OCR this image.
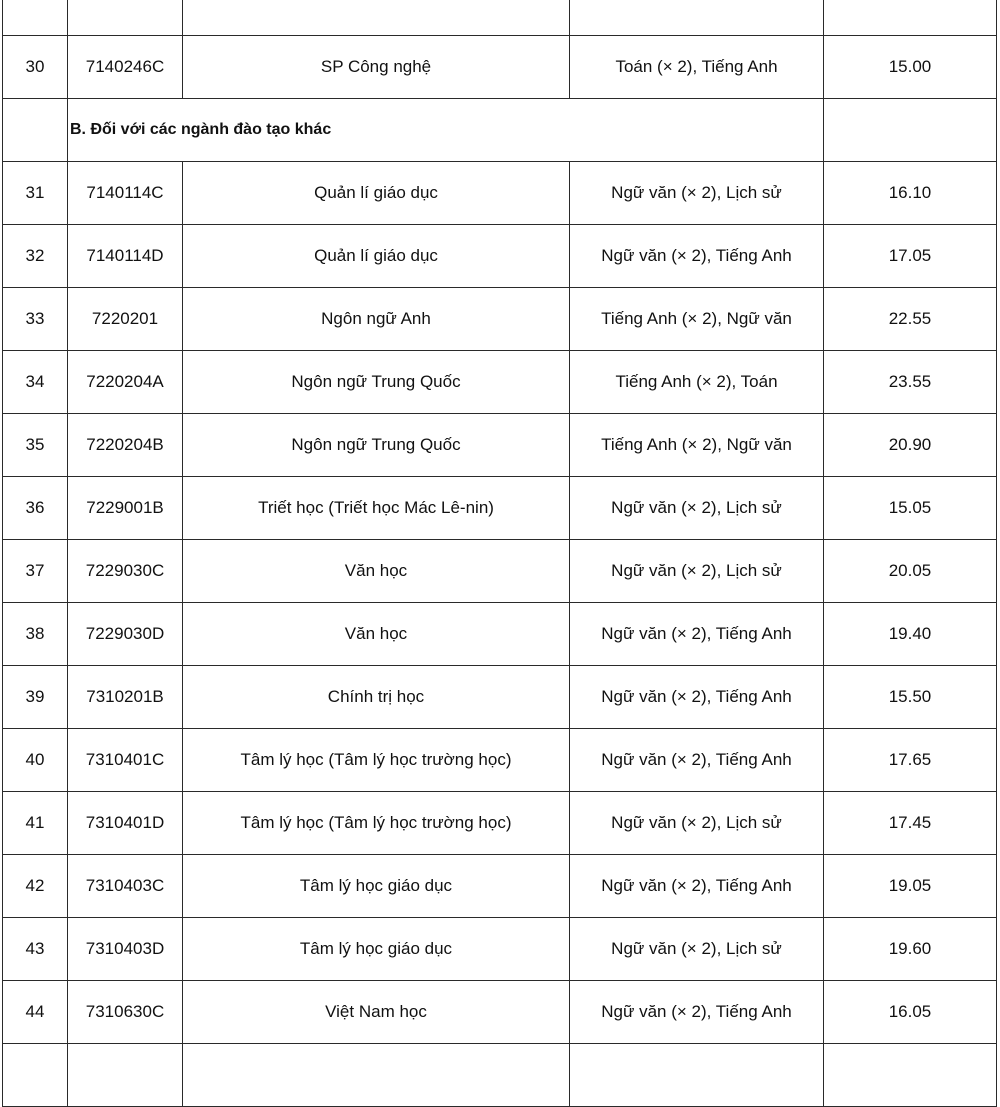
30	7140246C	SP Công nghệ	Toán (× 2), Tiếng Anh	15.00
	B. Đối với các ngành đào tạo khác			
31	7140114C	Quản lí giáo dục	Ngữ văn (× 2), Lịch sử	16.10
32	7140114D	Quản lí giáo dục	Ngữ văn (× 2), Tiếng Anh	17.05
33	7220201	Ngôn ngữ Anh	Tiếng Anh (× 2), Ngữ văn	22.55
34	7220204A	Ngôn ngữ Trung Quốc	Tiếng Anh (× 2), Toán	23.55
35	7220204B	Ngôn ngữ Trung Quốc	Tiếng Anh (× 2), Ngữ văn	20.90
36	7229001B	Triết học (Triết học Mác Lê-nin)	Ngữ văn (× 2), Lịch sử	15.05
37	7229030C	Văn học	Ngữ văn (× 2), Lịch sử	20.05
38	7229030D	Văn học	Ngữ văn (× 2), Tiếng Anh	19.40
39	7310201B	Chính trị học	Ngữ văn (× 2), Tiếng Anh	15.50
40	7310401C	Tâm lý học (Tâm lý học trường học)	Ngữ văn (× 2), Tiếng Anh	17.65
41	7310401D	Tâm lý học (Tâm lý học trường học)	Ngữ văn (× 2), Lịch sử	17.45
42	7310403C	Tâm lý học giáo dục	Ngữ văn (× 2), Tiếng Anh	19.05
43	7310403D	Tâm lý học giáo dục	Ngữ văn (× 2), Lịch sử	19.60
44	7310630C	Việt Nam học	Ngữ văn (× 2), Tiếng Anh	16.05
